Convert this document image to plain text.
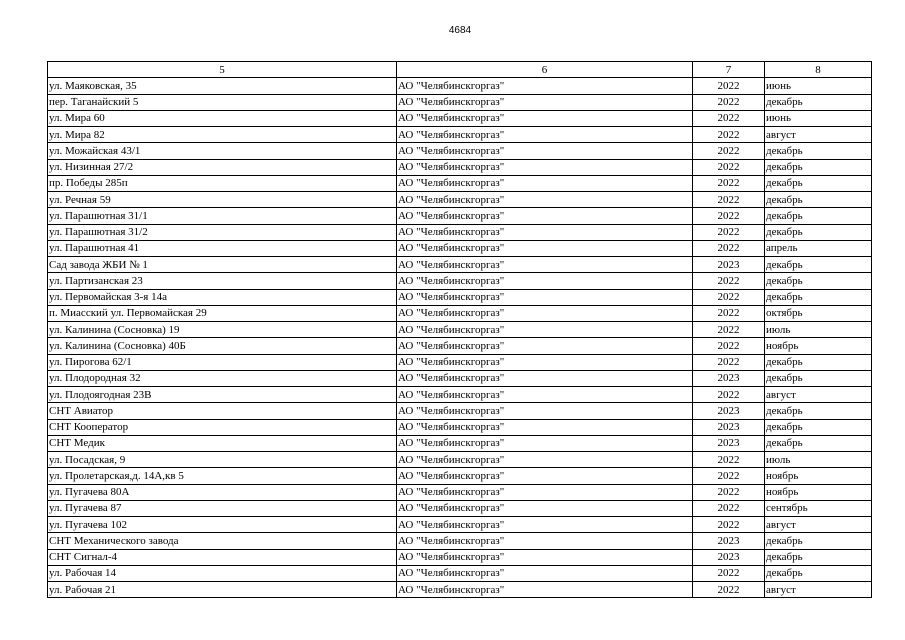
4684
5	6	7	8
ул. Маяковская, 35	АО "Челябинскгоргаз"	2022	июнь
пер. Таганайский 5	АО "Челябинскгоргаз"	2022	декабрь
ул. Мира 60	АО "Челябинскгоргаз"	2022	июнь
ул. Мира 82	АО "Челябинскгоргаз"	2022	август
ул. Можайская 43/1	АО "Челябинскгоргаз"	2022	декабрь
ул. Низинная 27/2	АО "Челябинскгоргаз"	2022	декабрь
пр. Победы 285п	АО "Челябинскгоргаз"	2022	декабрь
ул. Речная 59	АО "Челябинскгоргаз"	2022	декабрь
ул. Парашютная 31/1	АО "Челябинскгоргаз"	2022	декабрь
ул. Парашютная 31/2	АО "Челябинскгоргаз"	2022	декабрь
ул. Парашютная 41	АО "Челябинскгоргаз"	2022	апрель
Сад завода ЖБИ № 1	АО "Челябинскгоргаз"	2023	декабрь
ул. Партизанская 23	АО "Челябинскгоргаз"	2022	декабрь
ул. Первомайская 3-я 14а	АО "Челябинскгоргаз"	2022	декабрь
п. Миасский ул. Первомайская 29	АО "Челябинскгоргаз"	2022	октябрь
ул. Калинина (Сосновка) 19	АО "Челябинскгоргаз"	2022	июль
ул. Калинина (Сосновка) 40Б	АО "Челябинскгоргаз"	2022	ноябрь
ул. Пирогова 62/1	АО "Челябинскгоргаз"	2022	декабрь
ул. Плодородная 32	АО "Челябинскгоргаз"	2023	декабрь
ул. Плодоягодная 23В	АО "Челябинскгоргаз"	2022	август
СНТ Авиатор	АО "Челябинскгоргаз"	2023	декабрь
СНТ Кооператор	АО "Челябинскгоргаз"	2023	декабрь
СНТ Медик	АО "Челябинскгоргаз"	2023	декабрь
ул. Посадская, 9	АО "Челябинскгоргаз"	2022	июль
ул. Пролетарская,д. 14А,кв 5	АО "Челябинскгоргаз"	2022	ноябрь
ул. Пугачева 80А	АО "Челябинскгоргаз"	2022	ноябрь
ул. Пугачева 87	АО "Челябинскгоргаз"	2022	сентябрь
ул. Пугачева 102	АО "Челябинскгоргаз"	2022	август
СНТ Механического завода	АО "Челябинскгоргаз"	2023	декабрь
СНТ Сигнал-4	АО "Челябинскгоргаз"	2023	декабрь
ул. Рабочая 14	АО "Челябинскгоргаз"	2022	декабрь
ул. Рабочая 21	АО "Челябинскгоргаз"	2022	август
